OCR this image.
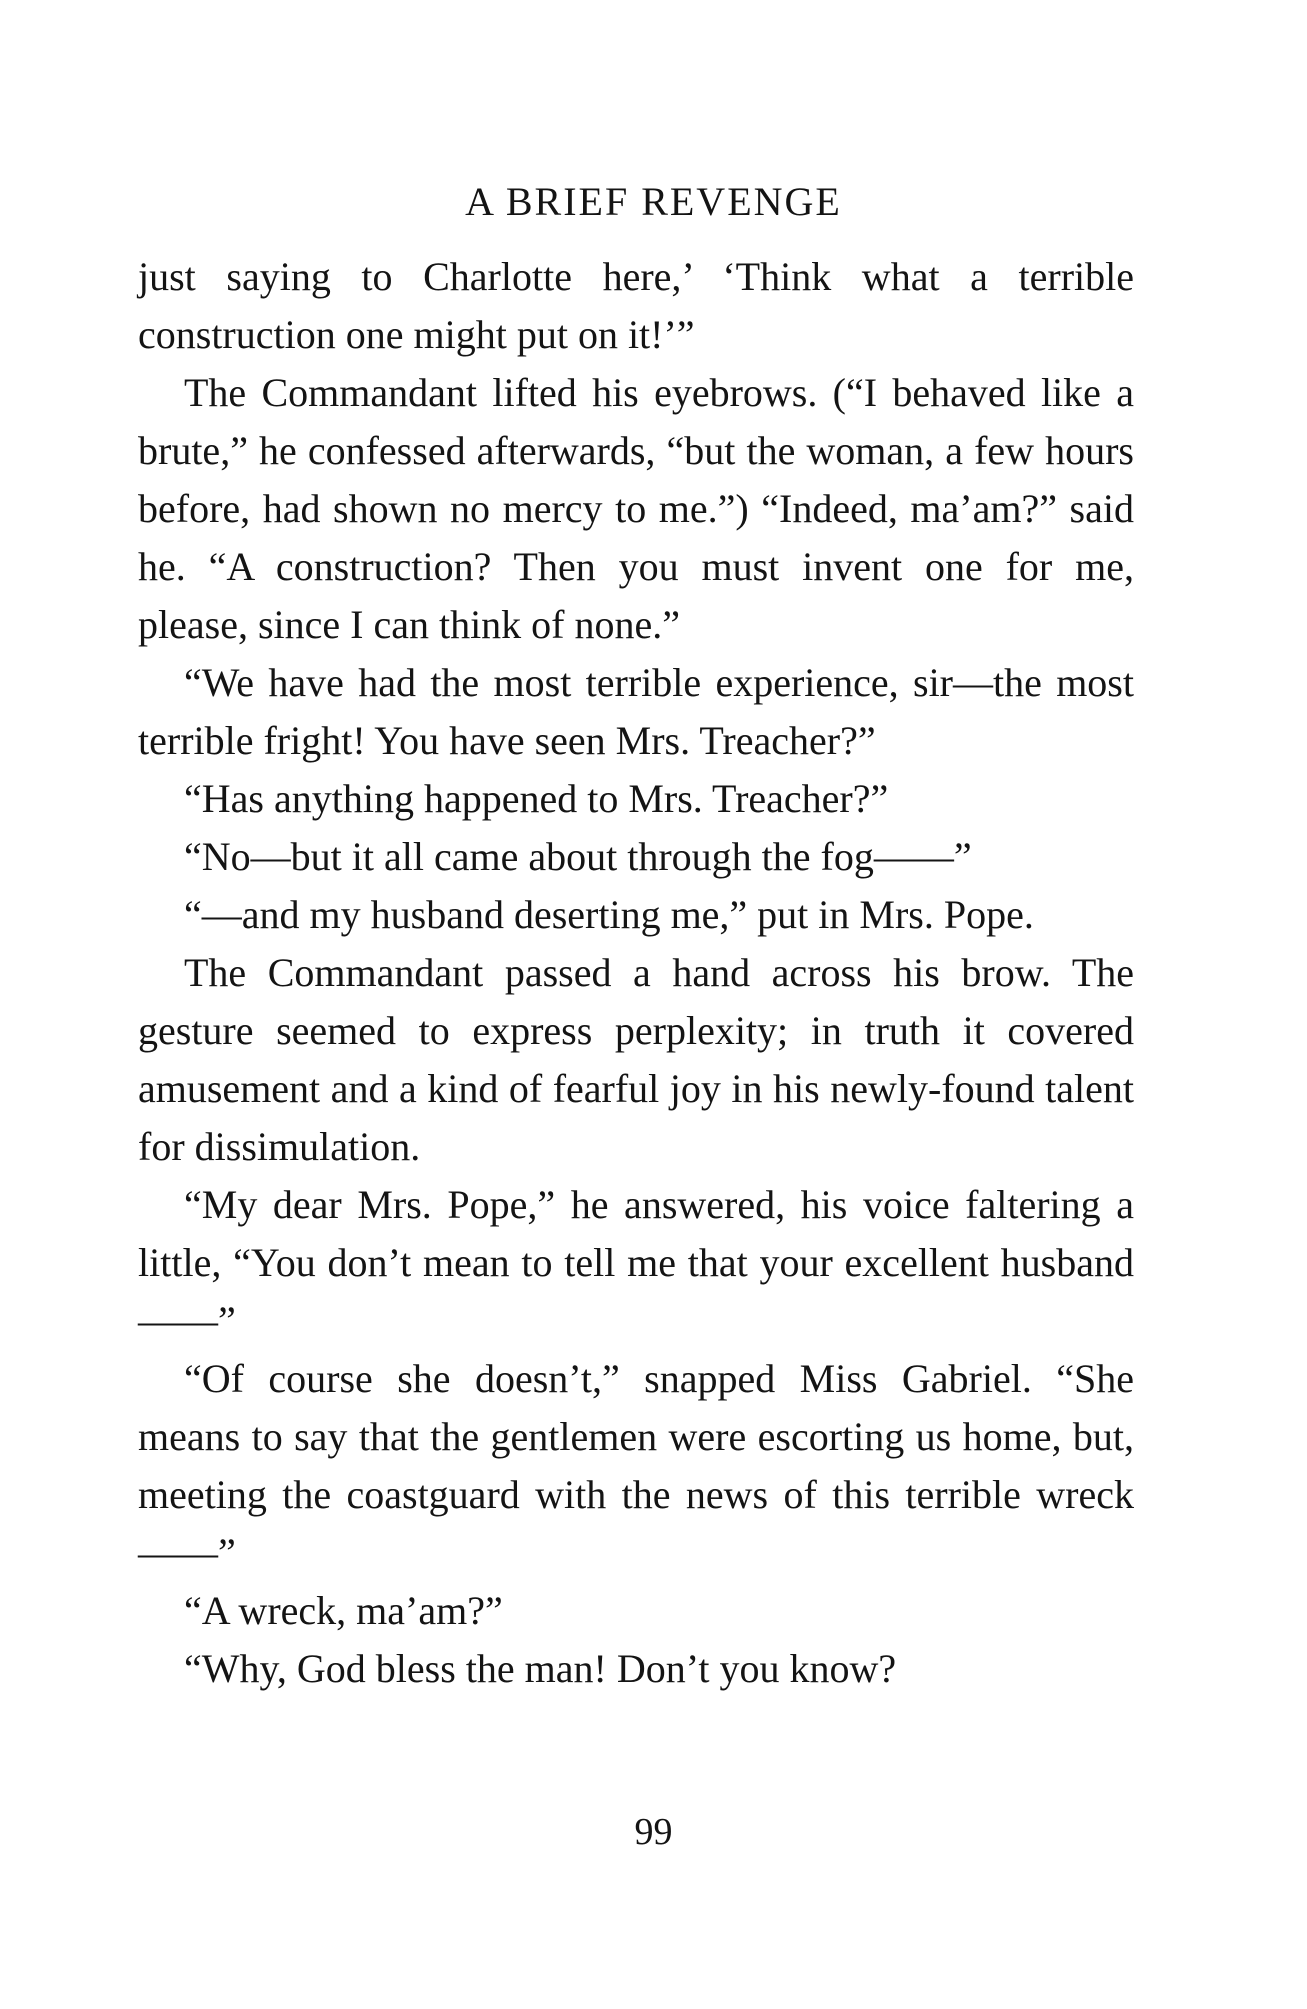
A BRIEF REVENGE

just saying to Charlotte here,’ ‘Think what a terrible construction one might put on it!’”

The Commandant lifted his eyebrows. (“I behaved like a brute,” he confessed afterwards, “but the woman, a few hours before, had shown no mercy to me.”) “Indeed, ma’am?” said he. “A construction? Then you must invent one for me, please, since I can think of none.”

“We have had the most terrible experience, sir—the most terrible fright! You have seen Mrs. Treacher?”

“Has anything happened to Mrs. Treacher?”

“No—but it all came about through the fog——”

“—and my husband deserting me,” put in Mrs. Pope.

The Commandant passed a hand across his brow. The gesture seemed to express perplexity; in truth it covered amusement and a kind of fearful joy in his newly-found talent for dissimulation.

“My dear Mrs. Pope,” he answered, his voice faltering a little, “You don’t mean to tell me that your excellent husband——”

“Of course she doesn’t,” snapped Miss Gabriel. “She means to say that the gentlemen were escorting us home, but, meeting the coastguard with the news of this terrible wreck——”

“A wreck, ma’am?”

“Why, God bless the man! Don’t you know?

99
